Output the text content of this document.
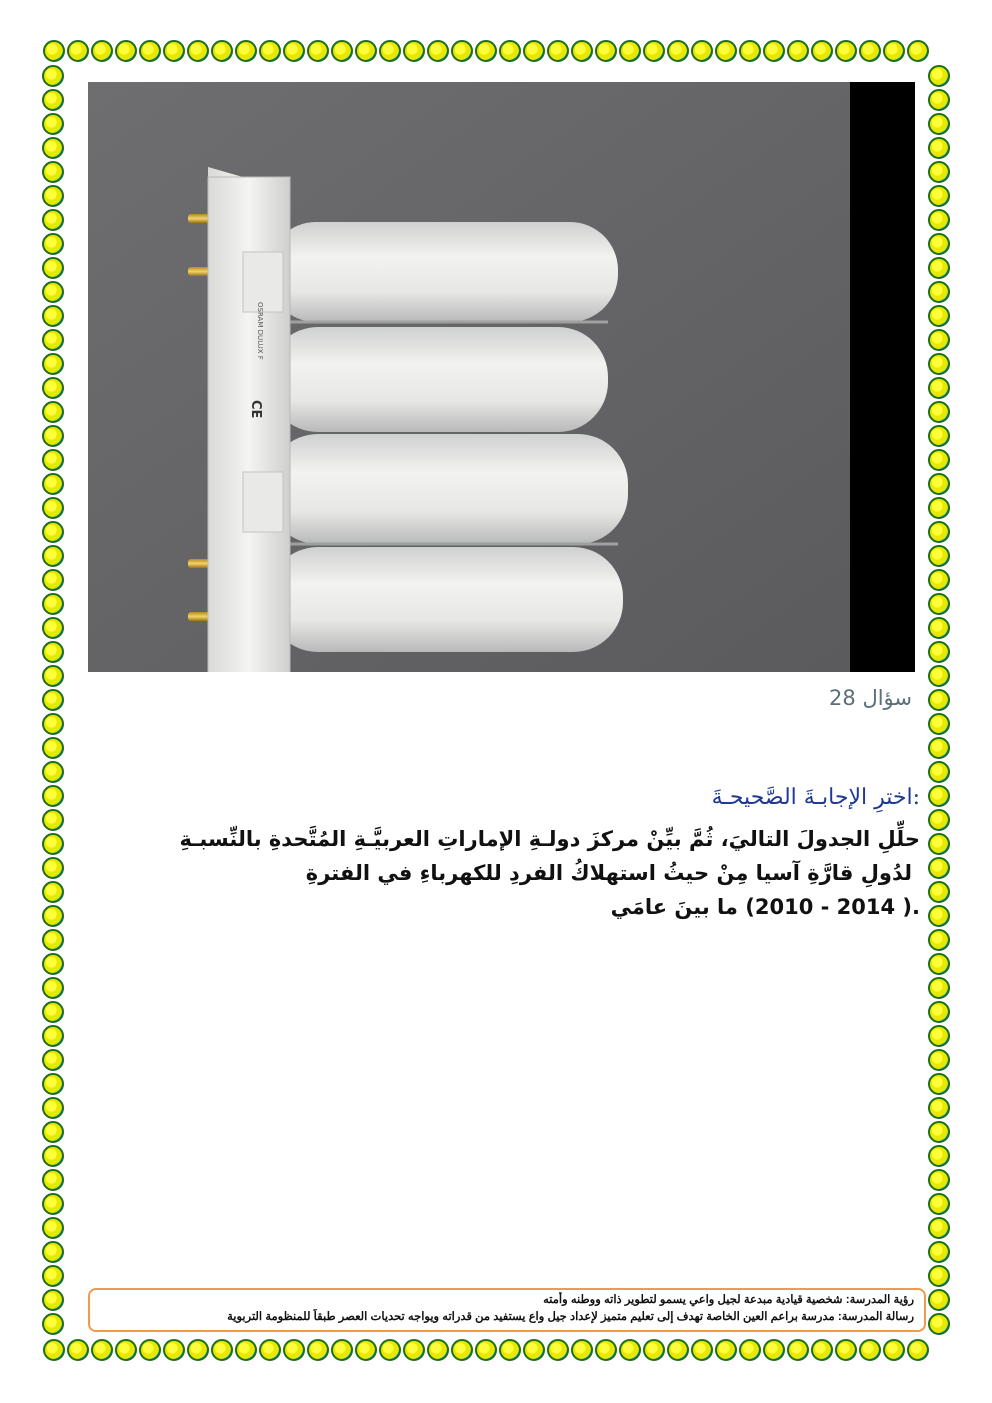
OSRAM DULUX F
CE
سؤال 28
:اخترِ الإجابـةَ الصَّحيحـةَ
حلِّلِ الجدولَ التاليَ، ثُمَّ بيِّنْ مركزَ دولـةِ الإماراتِ العربيَّـةِ المُتَّحدةِ بالنِّسبـةِ
لدُولِ قارَّةِ آسيا مِنْ حيثُ استهلاكُ الفردِ للكهرباءِ في الفترةِ
.( 2014 - 2010) ما بينَ عامَي
رؤية المدرسة: شخصية قيادية مبدعة لجيل واعي يسمو لتطوير ذاته ووطنه وأمته
رسالة المدرسة: مدرسة براعم العين الخاصة تهدف إلى تعليم متميز لإعداد جيل واع يستفيد من قدراته ويواجه تحديات العصر طبقاً للمنظومة التربوية
